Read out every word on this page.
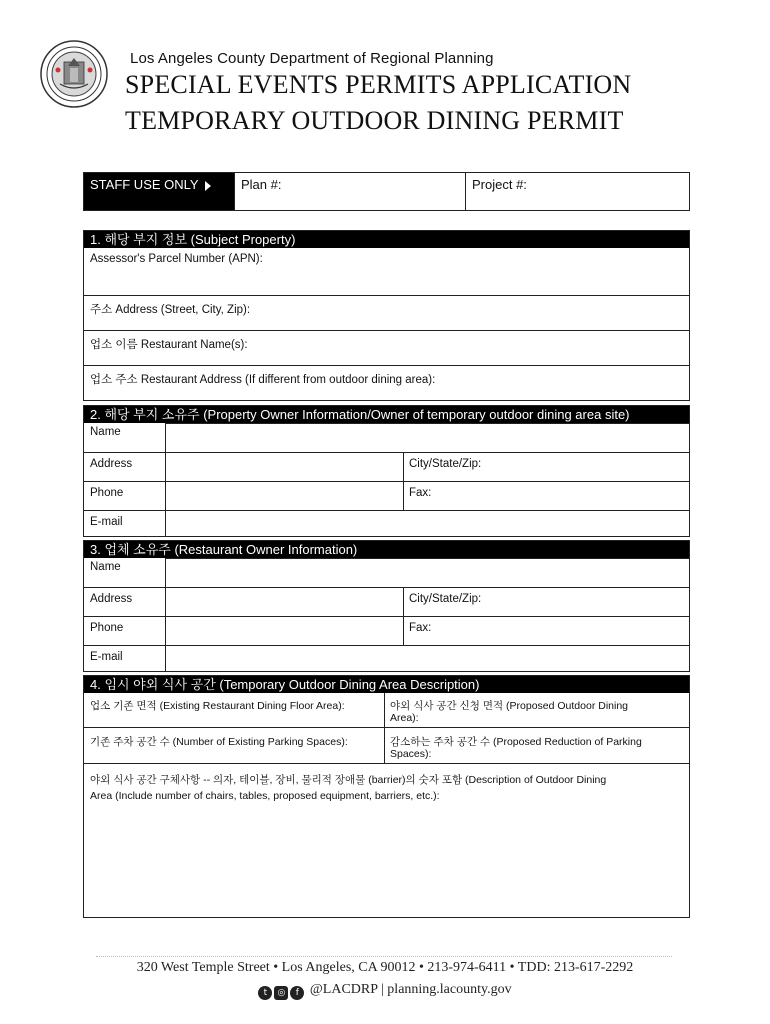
Los Angeles County Department of Regional Planning
SPECIAL EVENTS PERMITS APPLICATION
TEMPORARY OUTDOOR DINING PERMIT
STAFF USE ONLY	Plan #:	Project #:
1. 해당 부지 정보 (Subject Property)
Assessor's Parcel Number (APN):
주소 Address (Street, City, Zip):
업소 이름 Restaurant Name(s):
업소 주소 Restaurant Address (If different from outdoor dining area):
2. 해당 부지 소유주 (Property Owner Information/Owner of temporary outdoor dining area site)
Name
Address	City/State/Zip:
Phone	Fax:
E-mail
3. 업체 소유주 (Restaurant Owner Information)
Name
Address	City/State/Zip:
Phone	Fax:
E-mail
4. 임시 야외 식사 공간 (Temporary Outdoor Dining Area Description)
업소 기존 면적 (Existing Restaurant Dining Floor Area):	야외 식사 공간 신청 면적 (Proposed Outdoor Dining
Area):
기존 주차 공간 수 (Number of Existing Parking Spaces):	감소하는 주차 공간 수 (Proposed Reduction of Parking
Spaces):
야외 식사 공간 구체사항 -- 의자, 테이블, 장비, 물리적 장애물 (barrier)의 숫자 포함 (Description of Outdoor Dining
Area (Include number of chairs, tables, proposed equipment, barriers, etc.):
320 West Temple Street • Los Angeles, CA 90012 • 213-974-6411 • TDD: 213-617-2292
t ◎ f @LACDRP | planning.lacounty.gov
